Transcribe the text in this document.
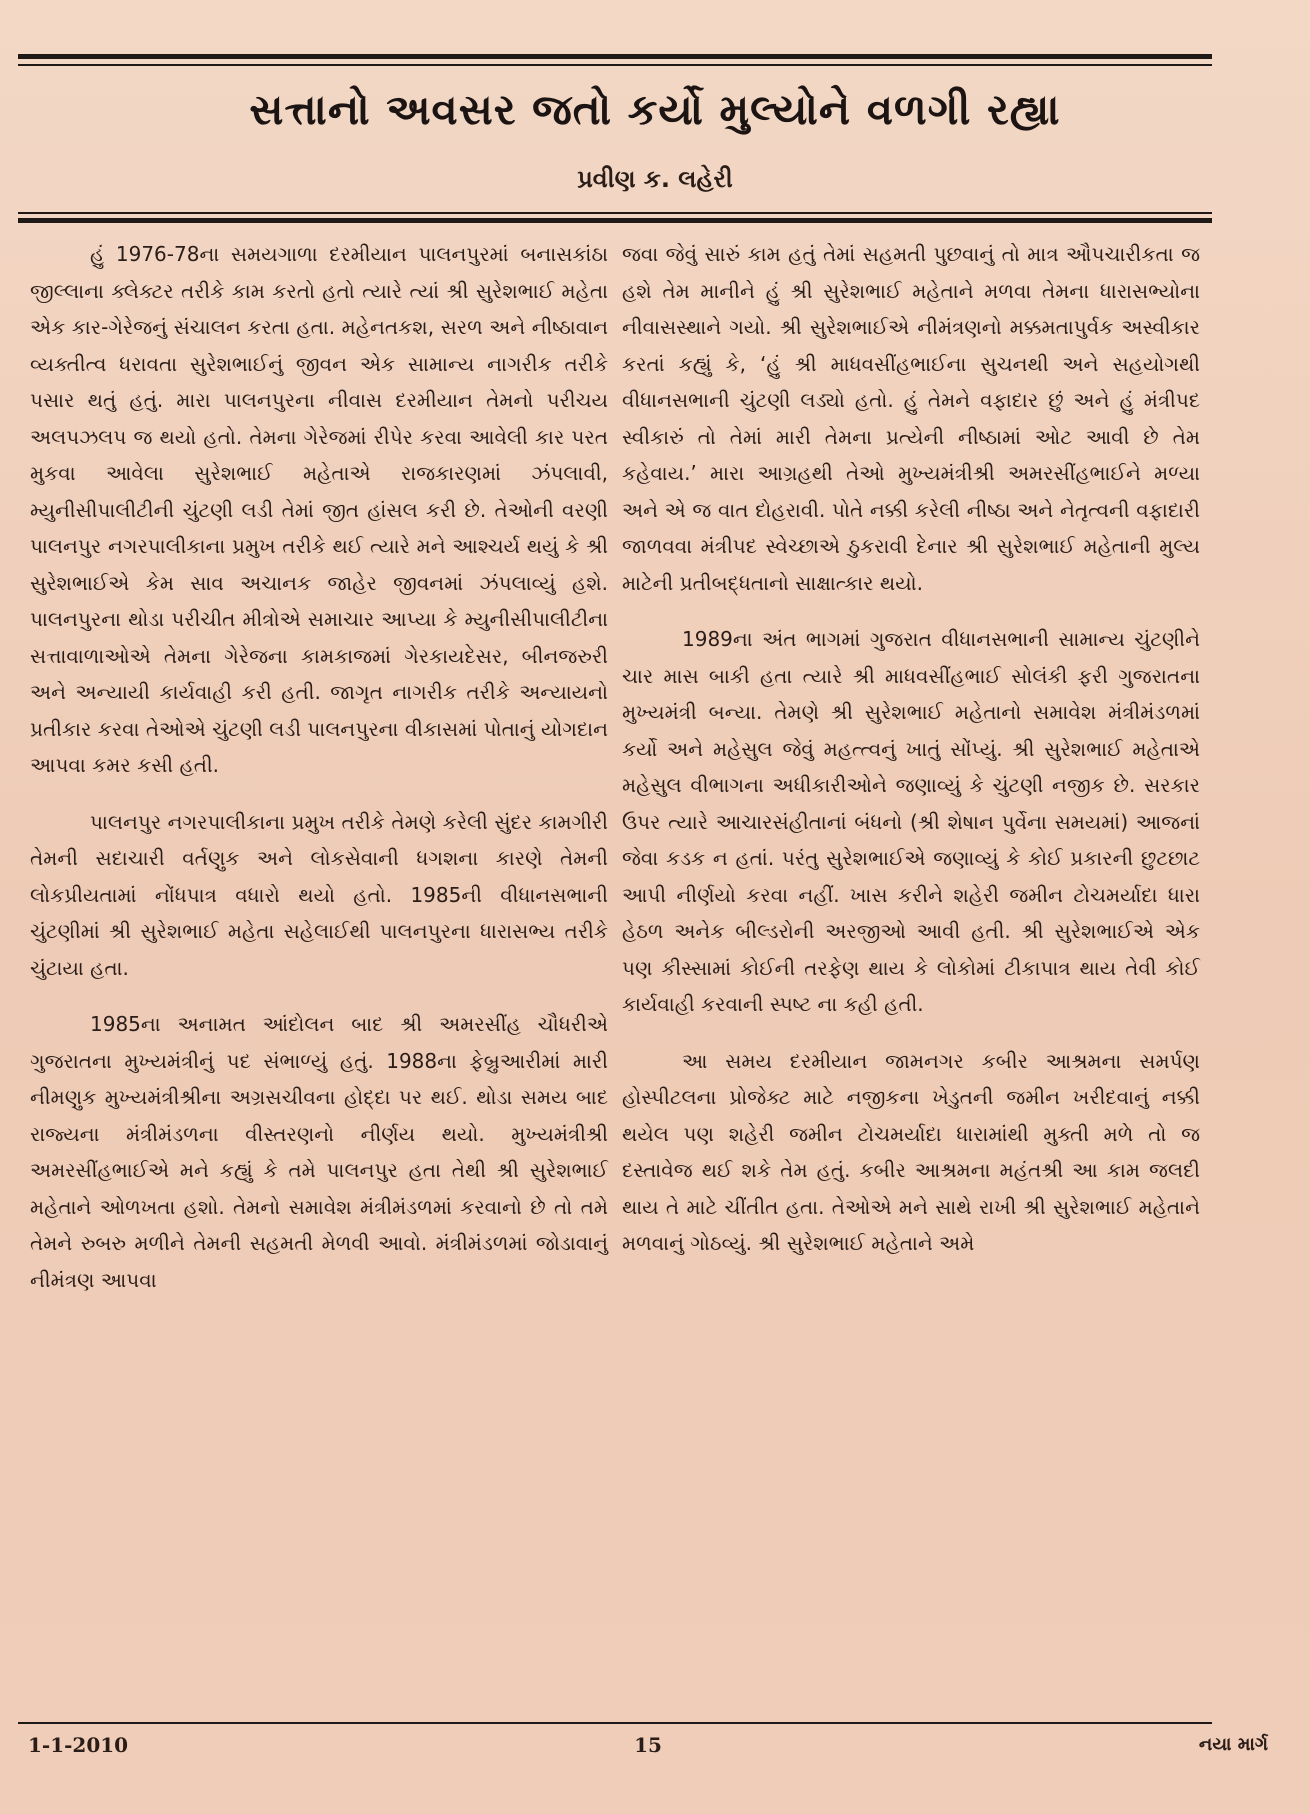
સત્તાનો અવસર જતો કર્યો મુલ્યોને વળગી રહ્યા
પ્રવીણ ક. લહેરી

હું 1976-78ના સમયગાળા દરમીયાન પાલનપુરમાં બનાસકાંઠા જીલ્લાના ક્લેક્ટર તરીકે કામ કરતો હતો ત્યારે ત્યાં શ્રી સુરેશભાઈ મહેતા એક કાર-ગેરેજનું સંચાલન કરતા હતા. મહેનતકશ, સરળ અને નીષ્ઠાવાન વ્યક્તીત્વ ધરાવતા સુરેશભાઈનું જીવન એક સામાન્ય નાગરીક તરીકે પસાર થતું હતું. મારા પાલનપુરના નીવાસ દરમીયાન તેમનો પરીચય અલપઝલપ જ થયો હતો. તેમના ગેરેજમાં રીપેર કરવા આવેલી કાર પરત મુકવા આવેલા સુરેશભાઈ મહેતાએ રાજકારણમાં ઝંપલાવી, મ્યુનીસીપાલીટીની ચુંટણી લડી તેમાં જીત હાંસલ કરી છે. તેઓની વરણી પાલનપુર નગરપાલીકાના પ્રમુખ તરીકે થઈ ત્યારે મને આશ્ચર્ય થયું કે શ્રી સુરેશભાઈએ કેમ સાવ અચાનક જાહેર જીવનમાં ઝંપલાવ્યું હશે. પાલનપુરના થોડા પરીચીત મીત્રોએ સમાચાર આપ્યા કે મ્યુનીસીપાલીટીના સત્તાવાળાઓએ તેમના ગેરેજના કામકાજમાં ગેરકાયદેસર, બીનજરુરી અને અન્યાયી કાર્યવાહી કરી હતી. જાગૃત નાગરીક તરીકે અન્યાયનો પ્રતીકાર કરવા તેઓએ ચુંટણી લડી પાલનપુરના વીકાસમાં પોતાનું યોગદાન આપવા કમર કસી હતી.

પાલનપુર નગરપાલીકાના પ્રમુખ તરીકે તેમણે કરેલી સુંદર કામગીરી તેમની સદાચારી વર્તણુક અને લોકસેવાની ધગશના કારણે તેમની લોકપ્રીયતામાં નોંધપાત્ર વધારો થયો હતો. 1985ની વીધાનસભાની ચુંટણીમાં શ્રી સુરેશભાઈ મહેતા સહેલાઈથી પાલનપુરના ધારાસભ્ય તરીકે ચુંટાયા હતા.

1985ના અનામત આંદોલન બાદ શ્રી અમરસીંહ ચૌધરીએ ગુજરાતના મુખ્યમંત્રીનું પદ સંભાળ્યું હતું. 1988ના ફેબ્રુઆરીમાં મારી નીમણુક મુખ્યમંત્રીશ્રીના અગ્રસચીવના હોદ્દા પર થઈ. થોડા સમય બાદ રાજ્યના મંત્રીમંડળના વીસ્તરણનો નીર્ણય થયો. મુખ્યમંત્રીશ્રી અમરસીંહભાઈએ મને કહ્યું કે તમે પાલનપુર હતા તેથી શ્રી સુરેશભાઈ મહેતાને ઓળખતા હશો. તેમનો સમાવેશ મંત્રીમંડળમાં કરવાનો છે તો તમે તેમને રુબરુ મળીને તેમની સહમતી મેળવી આવો. મંત્રીમંડળમાં જોડાવાનું નીમંત્રણ આપવા

જવા જેવું સારું કામ હતું તેમાં સહમતી પુછવાનું તો માત્ર ઔપચારીકતા જ હશે તેમ માનીને હું શ્રી સુરેશભાઈ મહેતાને મળવા તેમના ધારાસભ્યોના નીવાસસ્થાને ગયો. શ્રી સુરેશભાઈએ નીમંત્રણનો મક્કમતાપુર્વક અસ્વીકાર કરતાં કહ્યું કે, ‘હું શ્રી માધવસીંહભાઈના સુચનથી અને સહયોગથી વીધાનસભાની ચુંટણી લડ્યો હતો. હું તેમને વફાદાર છું અને હું મંત્રીપદ સ્વીકારું તો તેમાં મારી તેમના પ્રત્યેની નીષ્ઠામાં ઓટ આવી છે તેમ કહેવાય.’ મારા આગ્રહથી તેઓ મુખ્યમંત્રીશ્રી અમરસીંહભાઈને મળ્યા અને એ જ વાત દોહરાવી. પોતે નક્કી કરેલી નીષ્ઠા અને નેતૃત્વની વફાદારી જાળવવા મંત્રીપદ સ્વેચ્છાએ ઠુકરાવી દેનાર શ્રી સુરેશભાઈ મહેતાની મુલ્ય માટેની પ્રતીબદ્ધતાનો સાક્ષાત્કાર થયો.

1989ના અંત ભાગમાં ગુજરાત વીધાનસભાની સામાન્ય ચુંટણીને ચાર માસ બાકી હતા ત્યારે શ્રી માધવસીંહભાઈ સોલંકી ફરી ગુજરાતના મુખ્યમંત્રી બન્યા. તેમણે શ્રી સુરેશભાઈ મહેતાનો સમાવેશ મંત્રીમંડળમાં કર્યો અને મહેસુલ જેવું મહત્ત્વનું ખાતું સોંપ્યું. શ્રી સુરેશભાઈ મહેતાએ મહેસુલ વીભાગના અધીકારીઓને જણાવ્યું કે ચુંટણી નજીક છે. સરકાર ઉપર ત્યારે આચારસંહીતાનાં બંધનો (શ્રી શેષાન પુર્વેના સમયમાં) આજનાં જેવા કડક ન હતાં. પરંતુ સુરેશભાઈએ જણાવ્યું કે કોઈ પ્રકારની છુટછાટ આપી નીર્ણયો કરવા નહીં. ખાસ કરીને શહેરી જમીન ટોચમર્યાદા ધારા હેઠળ અનેક બીલ્ડરોની અરજીઓ આવી હતી. શ્રી સુરેશભાઈએ એક પણ કીસ્સામાં કોઈની તરફેણ થાય કે લોકોમાં ટીકાપાત્ર થાય તેવી કોઈ કાર્યવાહી કરવાની સ્પષ્ટ ના કહી હતી.

આ સમય દરમીયાન જામનગર કબીર આશ્રમના સમર્પણ હોસ્પીટલના પ્રોજેક્ટ માટે નજીકના ખેડુતની જમીન ખરીદવાનું નક્કી થયેલ પણ શહેરી જમીન ટોચમર્યાદા ધારામાંથી મુક્તી મળે તો જ દસ્તાવેજ થઈ શકે તેમ હતું. કબીર આશ્રમના મહંતશ્રી આ કામ જલદી થાય તે માટે ચીંતીત હતા. તેઓએ મને સાથે રાખી શ્રી સુરેશભાઈ મહેતાને મળવાનું ગોઠવ્યું. શ્રી સુરેશભાઈ મહેતાને અમે

1-1-2010	15	નયા માર્ગ
